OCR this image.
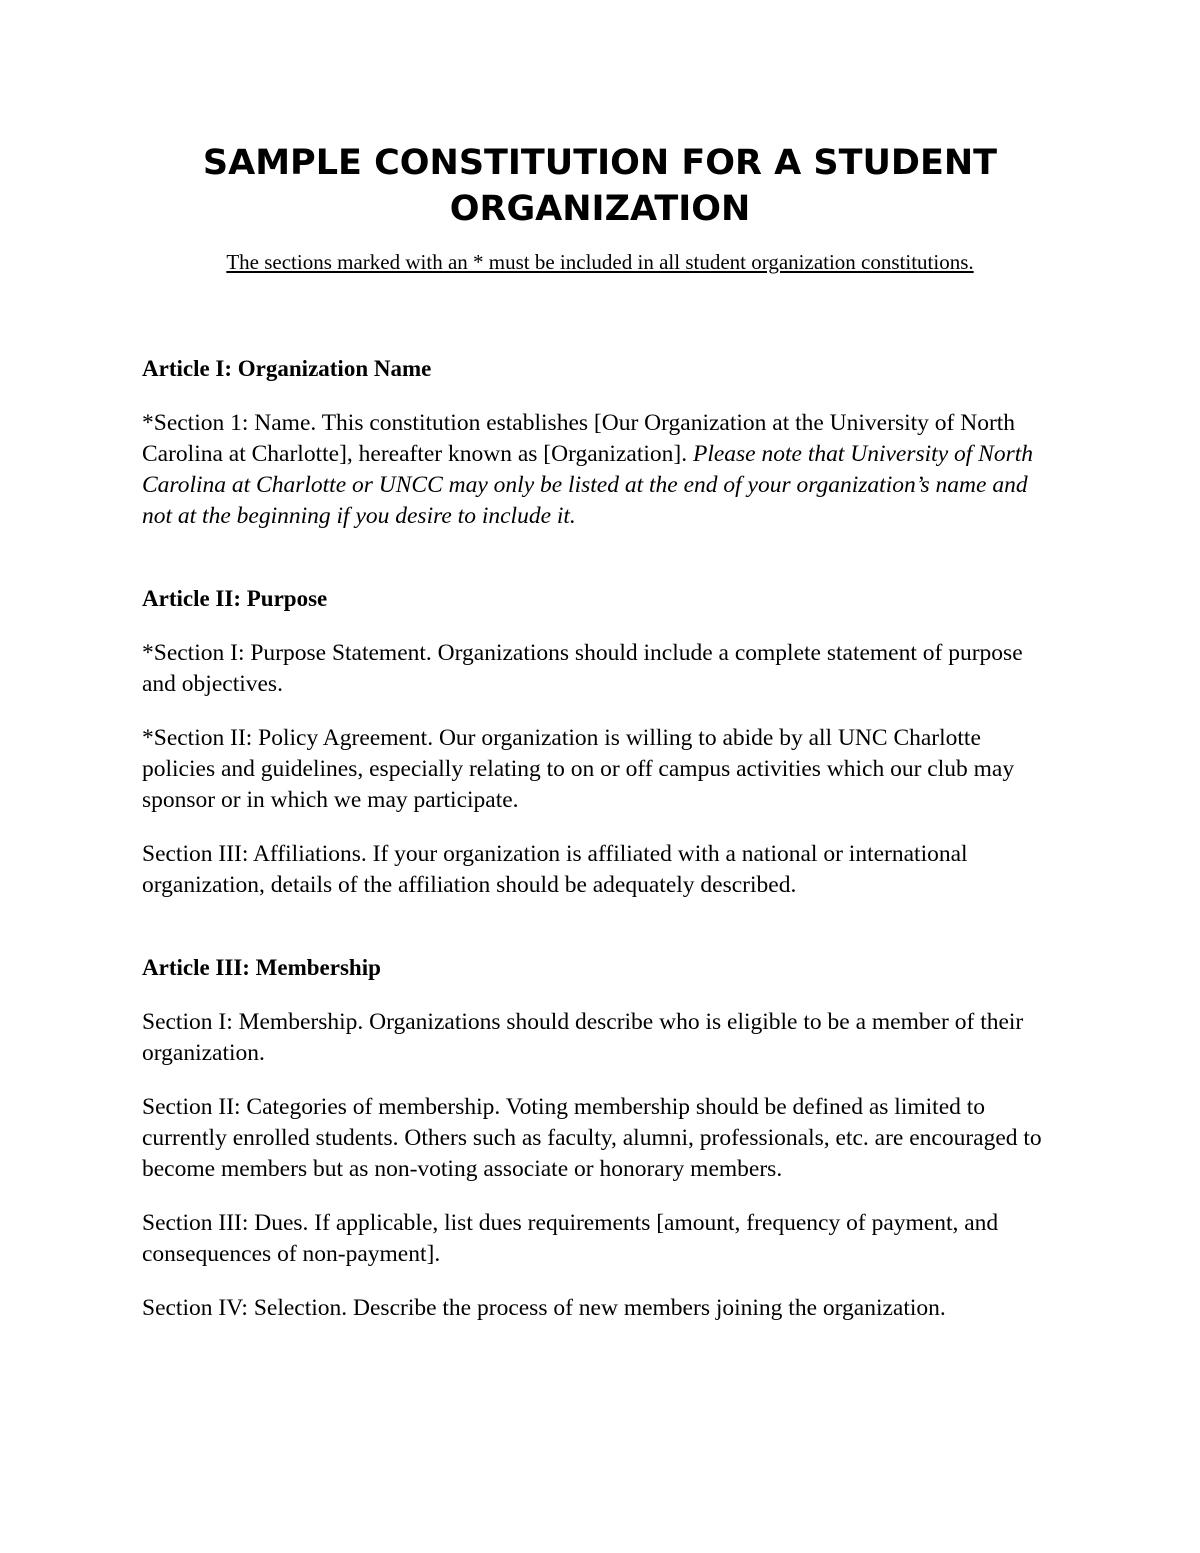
SAMPLE CONSTITUTION FOR A STUDENT ORGANIZATION

The sections marked with an * must be included in all student organization constitutions.

Article I: Organization Name

*Section 1: Name. This constitution establishes [Our Organization at the University of North Carolina at Charlotte], hereafter known as [Organization]. Please note that University of North Carolina at Charlotte or UNCC may only be listed at the end of your organization’s name and not at the beginning if you desire to include it.

Article II: Purpose

*Section I: Purpose Statement. Organizations should include a complete statement of purpose and objectives.

*Section II: Policy Agreement. Our organization is willing to abide by all UNC Charlotte policies and guidelines, especially relating to on or off campus activities which our club may sponsor or in which we may participate.

Section III: Affiliations. If your organization is affiliated with a national or international organization, details of the affiliation should be adequately described.

Article III: Membership

Section I: Membership. Organizations should describe who is eligible to be a member of their organization.

Section II: Categories of membership. Voting membership should be defined as limited to currently enrolled students. Others such as faculty, alumni, professionals, etc. are encouraged to become members but as non-voting associate or honorary members.

Section III: Dues. If applicable, list dues requirements [amount, frequency of payment, and consequences of non-payment].

Section IV: Selection. Describe the process of new members joining the organization.
